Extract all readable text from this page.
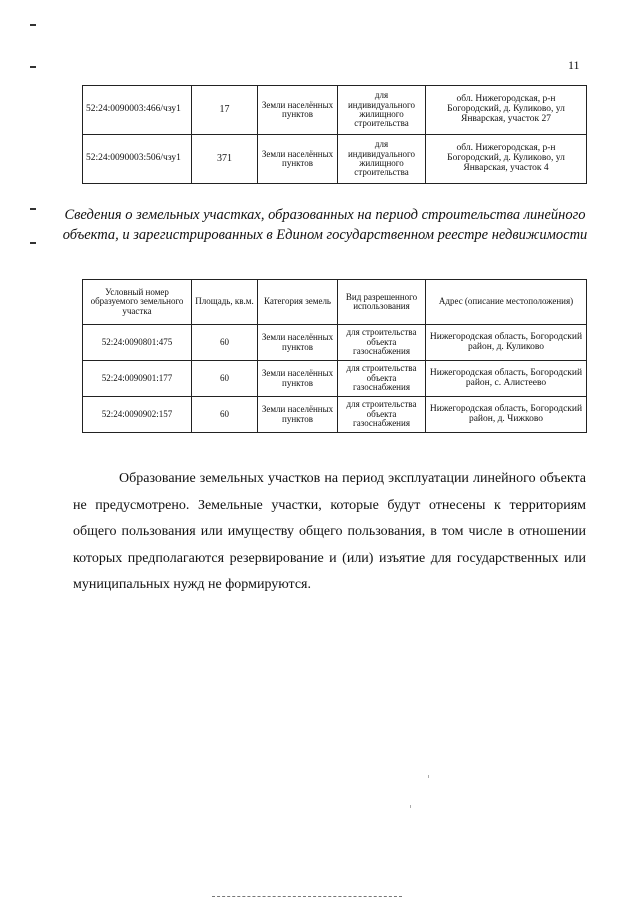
11
52:24:0090003:466/чзу1	17	Земли населённых пунктов	для индивидуального жилищного строительства	обл. Нижегородская, р-н Богородский, д. Куликово, ул Январская, участок 27
52:24:0090003:506/чзу1	371	Земли населённых пунктов	для индивидуального жилищного строительства	обл. Нижегородская, р-н Богородский, д. Куликово, ул Январская, участок 4
Сведения о земельных участках, образованных на период строительства линейного объекта, и зарегистрированных в Едином государственном реестре недвижимости
Условный номер образуемого земельного участка	Площадь, кв.м.	Категория земель	Вид разрешенного использования	Адрес (описание местоположения)
52:24:0090801:475	60	Земли населённых пунктов	для строительства объекта газоснабжения	Нижегородская область, Богородский район, д. Куликово
52:24:0090901:177	60	Земли населённых пунктов	для строительства объекта газоснабжения	Нижегородская область, Богородский район, с. Алистеево
52:24:0090902:157	60	Земли населённых пунктов	для строительства объекта газоснабжения	Нижегородская область, Богородский район, д. Чижково

Образование земельных участков на период эксплуатации линейного объекта не предусмотрено. Земельные участки, которые будут отнесены к территориям общего пользования или имуществу общего пользования, в том числе в отношении которых предполагаются резервирование и (или) изъятие для государственных или муниципальных нужд не формируются.
